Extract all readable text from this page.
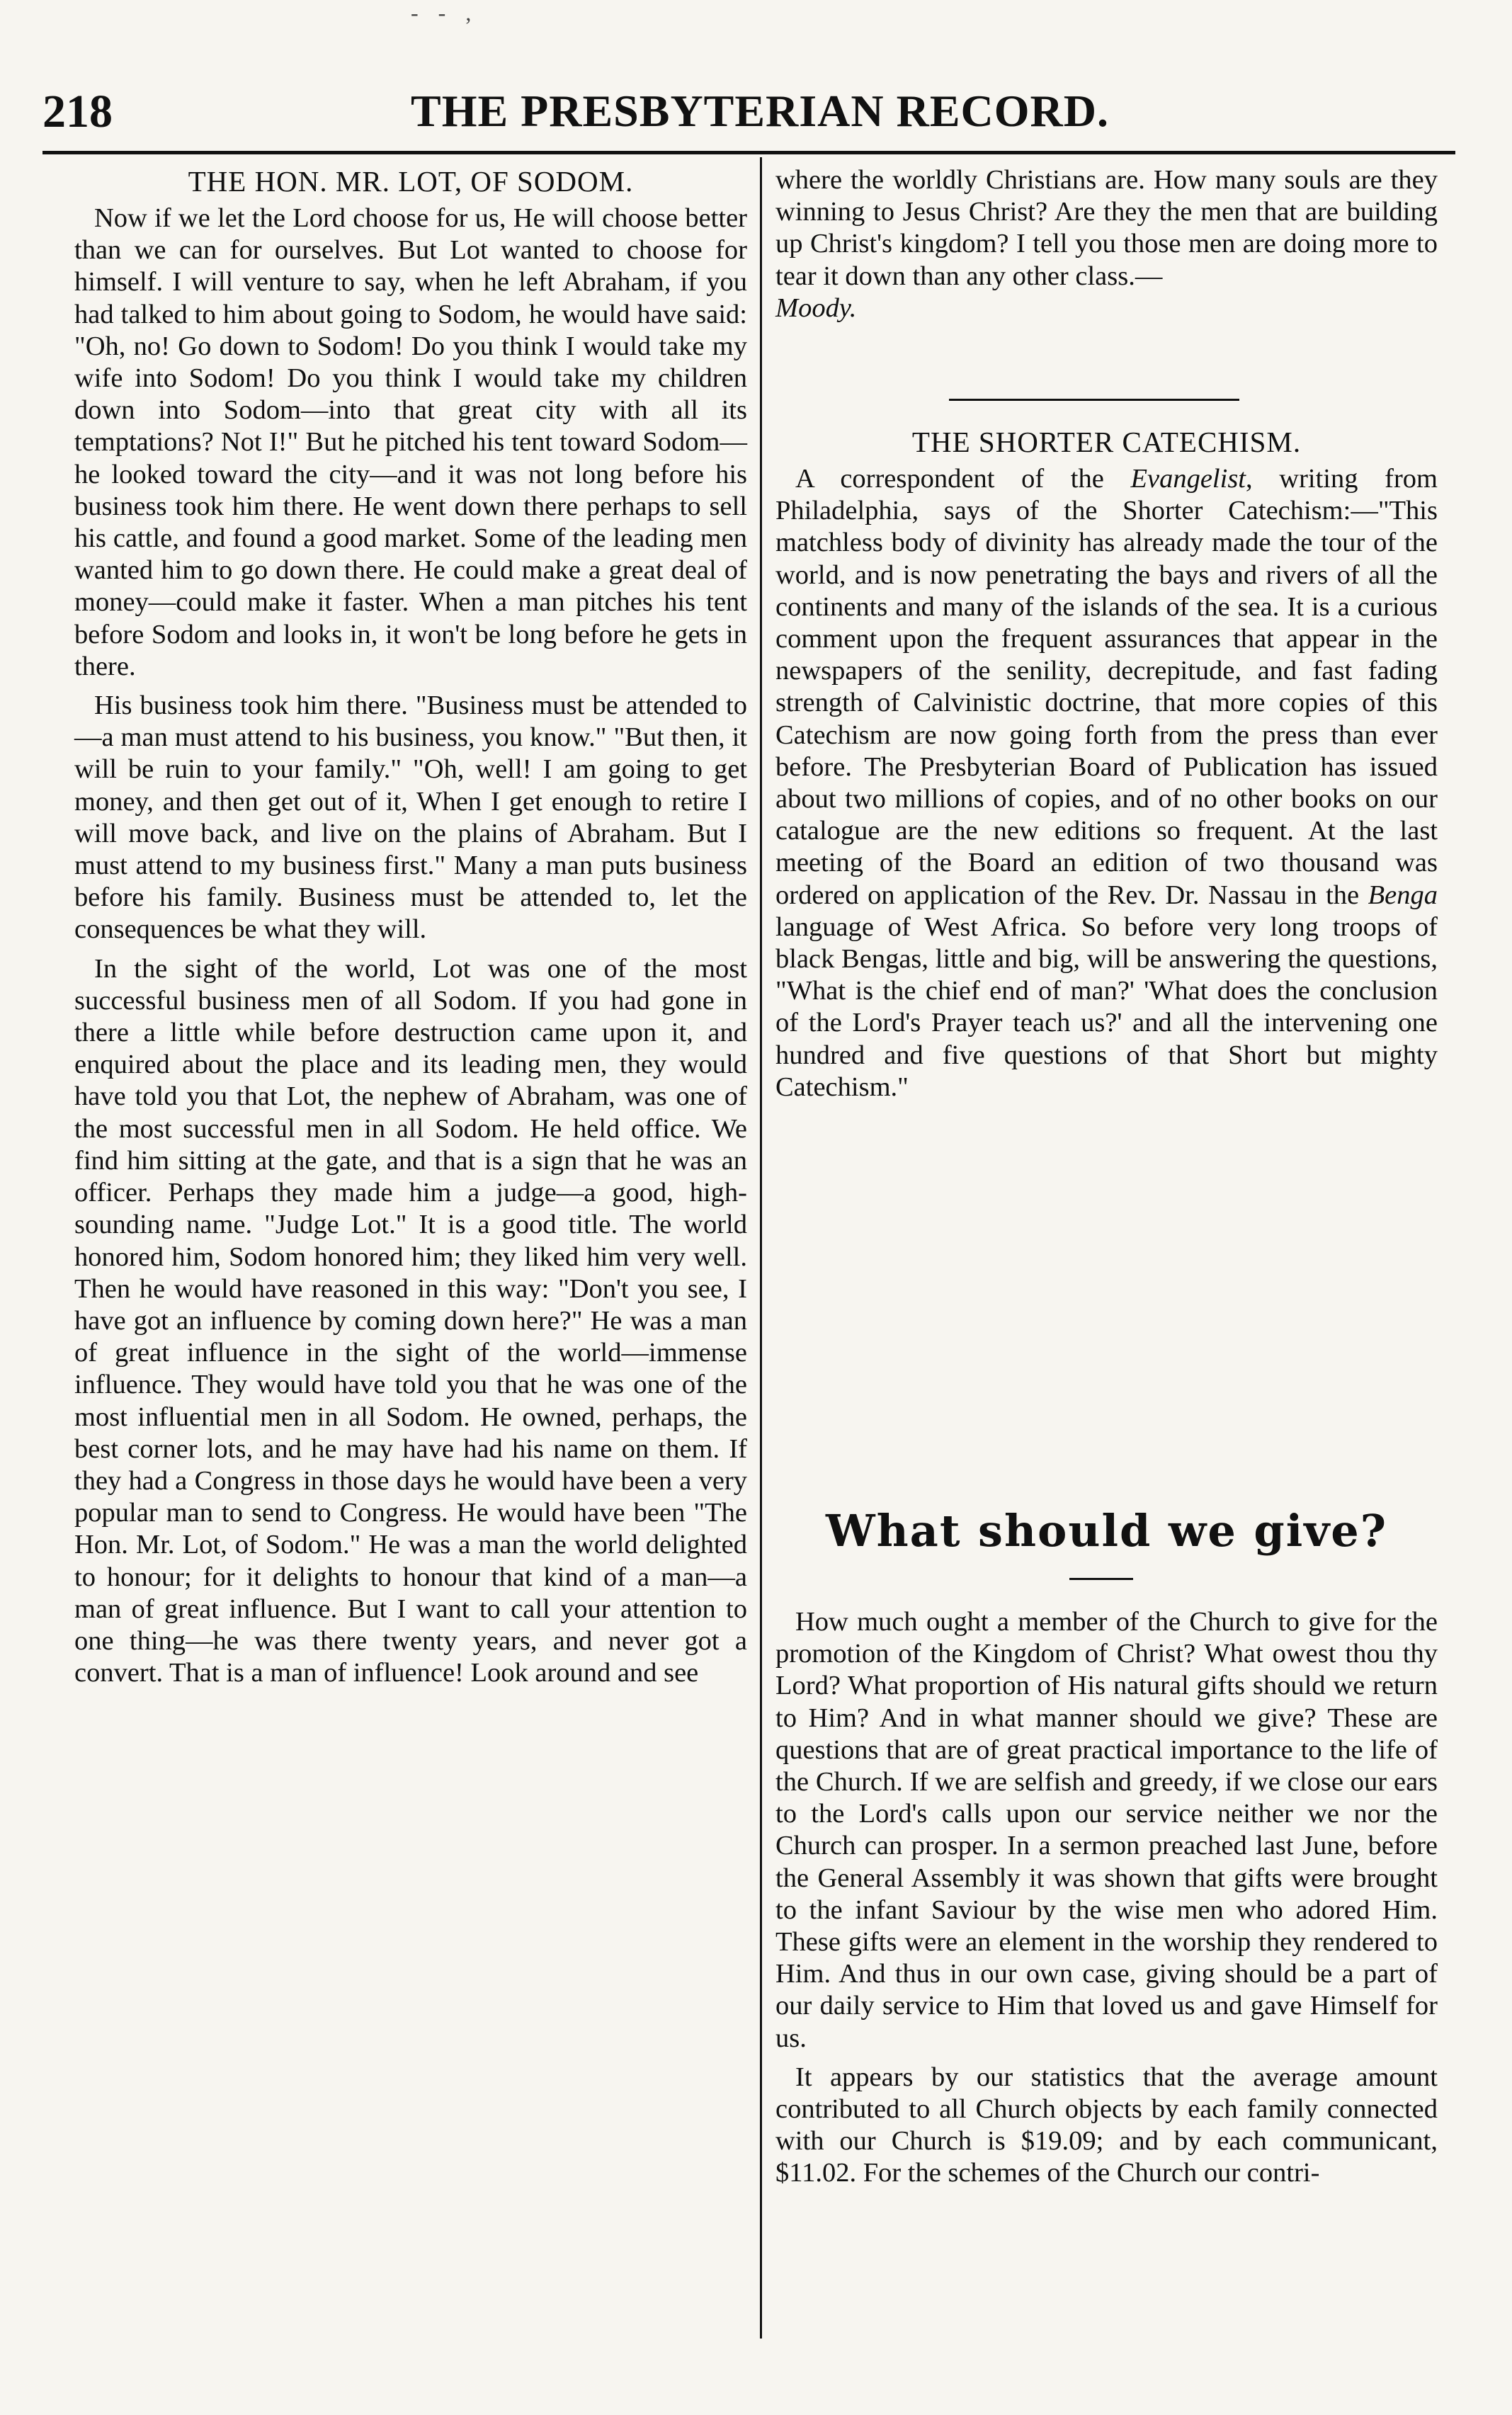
- - ,
218	THE PRESBYTERIAN RECORD.
THE HON. MR. LOT, OF SODOM.

Now if we let the Lord choose for us, He will choose better than we can for ourselves. But Lot wanted to choose for himself. I will venture to say, when he left Abraham, if you had talked to him about going to Sodom, he would have said: "Oh, no! Go down to Sodom! Do you think I would take my wife into Sodom! Do you think I would take my children down into Sodom—into that great city with all its temptations? Not I!" But he pitched his tent toward Sodom—he looked toward the city—and it was not long before his business took him there. He went down there perhaps to sell his cattle, and found a good market. Some of the leading men wanted him to go down there. He could make a great deal of money—could make it faster. When a man pitches his tent before Sodom and looks in, it won't be long before he gets in there.

His business took him there. "Business must be attended to—a man must attend to his business, you know." "But then, it will be ruin to your family." "Oh, well! I am going to get money, and then get out of it, When I get enough to retire I will move back, and live on the plains of Abraham. But I must attend to my business first." Many a man puts business before his family. Business must be attended to, let the consequences be what they will.

In the sight of the world, Lot was one of the most successful business men of all Sodom. If you had gone in there a little while before destruction came upon it, and enquired about the place and its leading men, they would have told you that Lot, the nephew of Abraham, was one of the most successful men in all Sodom. He held office. We find him sitting at the gate, and that is a sign that he was an officer. Perhaps they made him a judge—a good, high-sounding name. "Judge Lot." It is a good title. The world honored him, Sodom honored him; they liked him very well. Then he would have reasoned in this way: "Don't you see, I have got an influence by coming down here?" He was a man of great influence in the sight of the world—immense influence. They would have told you that he was one of the most influential men in all Sodom. He owned, perhaps, the best corner lots, and he may have had his name on them. If they had a Congress in those days he would have been a very popular man to send to Congress. He would have been "The Hon. Mr. Lot, of Sodom." He was a man the world delighted to honour; for it delights to honour that kind of a man—a man of great influence. But I want to call your attention to one thing—he was there twenty years, and never got a convert. That is a man of influence! Look around and see

where the worldly Christians are. How many souls are they winning to Jesus Christ? Are they the men that are building up Christ's kingdom? I tell you those men are doing more to tear it down than any other class.—
Moody.

THE SHORTER CATECHISM.

A correspondent of the Evangelist, writing from Philadelphia, says of the Shorter Catechism:—"This matchless body of divinity has already made the tour of the world, and is now penetrating the bays and rivers of all the continents and many of the islands of the sea. It is a curious comment upon the frequent assurances that appear in the newspapers of the senility, decrepitude, and fast fading strength of Calvinistic doctrine, that more copies of this Catechism are now going forth from the press than ever before. The Presbyterian Board of Publication has issued about two millions of copies, and of no other books on our catalogue are the new editions so frequent. At the last meeting of the Board an edition of two thousand was ordered on application of the Rev. Dr. Nassau in the Benga language of West Africa. So before very long troops of black Bengas, little and big, will be answering the questions, "What is the chief end of man?' 'What does the conclusion of the Lord's Prayer teach us?' and all the intervening one hundred and five questions of that Short but mighty Catechism."

What should we give?

How much ought a member of the Church to give for the promotion of the Kingdom of Christ? What owest thou thy Lord? What proportion of His natural gifts should we return to Him? And in what manner should we give? These are questions that are of great practical importance to the life of the Church. If we are selfish and greedy, if we close our ears to the Lord's calls upon our service neither we nor the Church can prosper. In a sermon preached last June, before the General Assembly it was shown that gifts were brought to the infant Saviour by the wise men who adored Him. These gifts were an element in the worship they rendered to Him. And thus in our own case, giving should be a part of our daily service to Him that loved us and gave Himself for us.

It appears by our statistics that the average amount contributed to all Church objects by each family connected with our Church is $19.09; and by each communicant, $11.02. For the schemes of the Church our contri-
